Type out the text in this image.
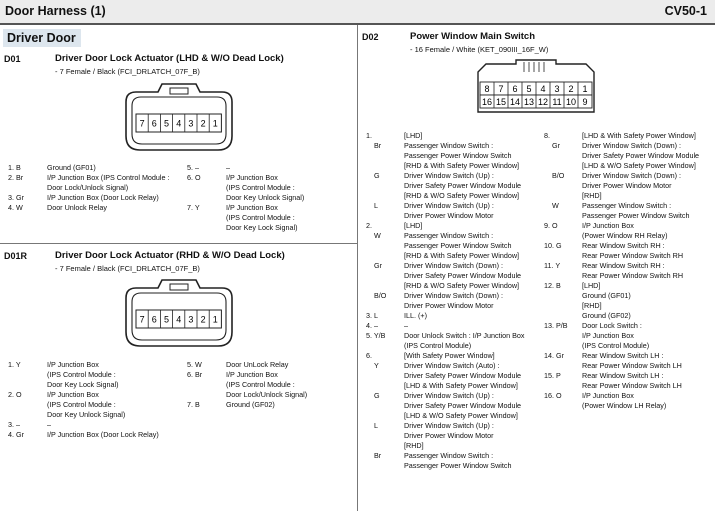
Door Harness (1)	CV50-1
Driver Door
D01	Driver Door Lock Actuator (LHD & W/O Dead Lock)
- 7 Female / Black (FCI_DRLATCH_07F_B)
7 6 5 4 3 2 1
1. B	Ground (GF01)
2. Br	I/P Junction Box (IPS Control Module :
Door Lock/Unlock Signal)
3. Gr	I/P Junction Box (Door Lock Relay)
4. W	Door Unlock Relay
5. –	–
6. O	I/P Junction Box
(IPS Control Module :
Door Key Unlock Signal)
7. Y	I/P Junction Box
(IPS Control Module :
Door Key Lock Signal)
D01R	Driver Door Lock Actuator (RHD & W/O Dead Lock)
- 7 Female / Black (FCI_DRLATCH_07F_B)
7 6 5 4 3 2 1
1. Y	I/P Junction Box
(IPS Control Module :
Door Key Lock Signal)
2. O	I/P Junction Box
(IPS Control Module :
Door Key Unlock Signal)
3. –	–
4. Gr	I/P Junction Box (Door Lock Relay)
5. W	Door UnLock Relay
6. Br	I/P Junction Box
(IPS Control Module :
Door Lock/Unlock Signal)
7. B	Ground (GF02)
D02	Power Window Main Switch
- 16 Female / White (KET_090III_16F_W)
8 7 6 5 4 3 2 1
16 15 14 13 12 11 10 9
1.	[LHD]
Br	Passenger Window Switch :
Passenger Power Window Switch
[RHD & With Safety Power Window]
G	Driver Window Switch (Up) :
Driver Safety Power Window Module
[RHD & W/O Safety Power Window]
L	Driver Window Switch (Up) :
Driver Power Window Motor
2.	[LHD]
W	Passenger Window Switch :
Passenger Power Window Switch
[RHD & With Safety Power Window]
Gr	Driver Window Switch (Down) :
Driver Safety Power Window Module
[RHD & W/O Safety Power Window]
B/O Driver Window Switch (Down) :
Driver Power Window Motor
3. L	ILL. (+)
4. –	–
5. Y/B	Door Unlock Switch : I/P Junction Box
(IPS Control Module)
6.	[With Safety Power Window]
Y	Driver Window Switch (Auto) :
Driver Safety Power Window Module
[LHD & With Safety Power Window]
G	Driver Window Switch (Up) :
Driver Safety Power Window Module
[LHD & W/O Safety Power Window]
L	Driver Window Switch (Up) :
Driver Power Window Motor
[RHD]
Br	Passenger Window Switch :
Passenger Power Window Switch
8.	[LHD & With Safety Power Window]
Gr	Driver Window Switch (Down) :
Driver Safety Power Window Module
[LHD & W/O Safety Power Window]
B/O Driver Window Switch (Down) :
Driver Power Window Motor
[RHD]
W	Passenger Window Switch :
Passenger Power Window Switch
9. O	I/P Junction Box
(Power Window RH Relay)
10. G	Rear Window Switch RH :
Rear Power Window Switch RH
11. Y	Rear Window Switch RH :
Rear Power Window Switch RH
12. B	[LHD]
Ground (GF01)
[RHD]
Ground (GF02)
13. P/B Door Lock Switch :
I/P Junction Box
(IPS Control Module)
14. Gr	Rear Window Switch LH :
Rear Power Window Switch LH
15. P	Rear Window Switch LH :
Rear Power Window Switch LH
16. O	I/P Junction Box
(Power Window LH Relay)
